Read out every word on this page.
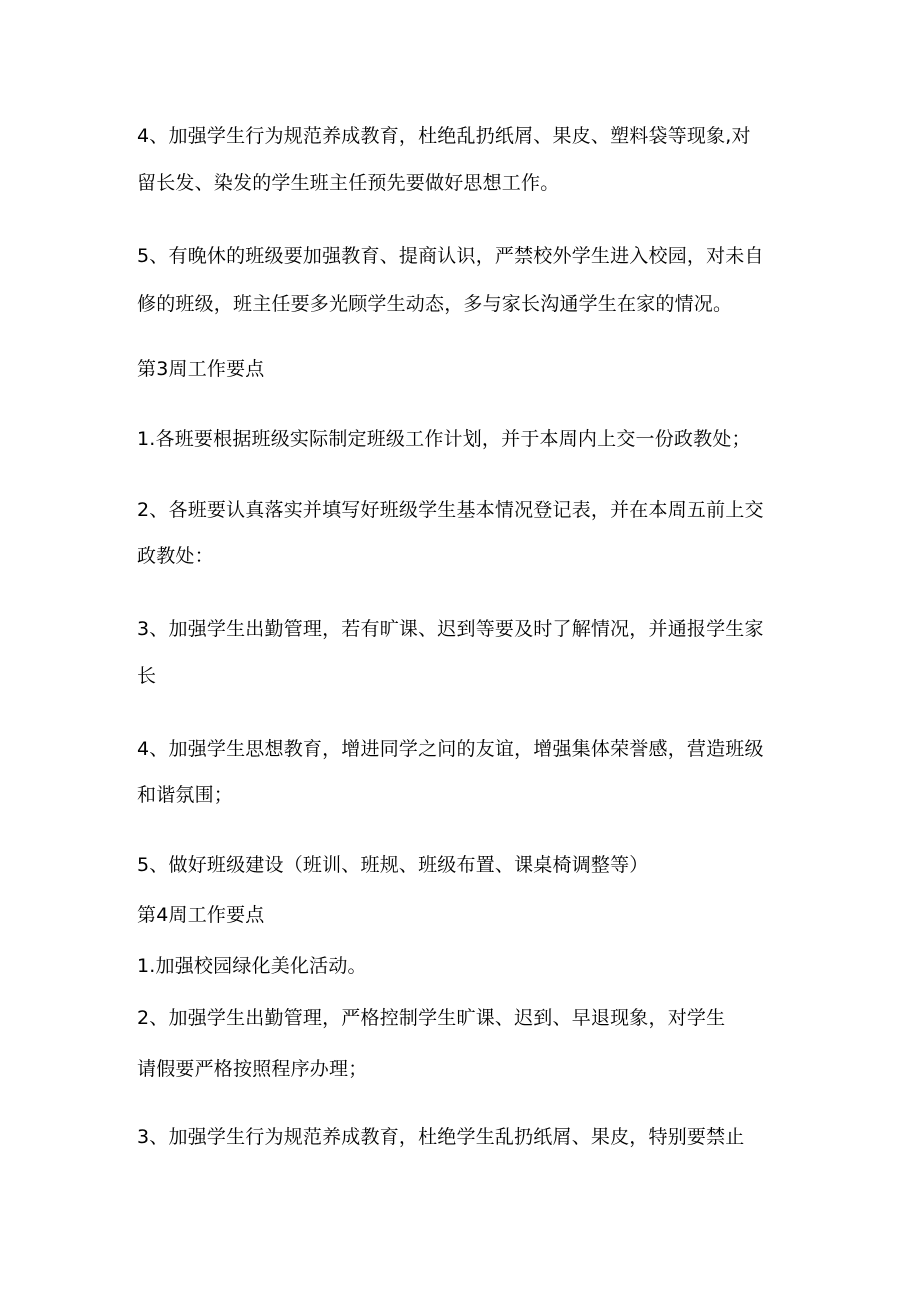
4、加强学生行为规范养成教育，杜绝乱扔纸屑、果皮、塑料袋等现象,对
留长发、染发的学生班主任预先要做好思想工作。
5、有晚休的班级要加强教育、提商认识，严禁校外学生进入校园，对未自
修的班级，班主任要多光顾学生动态，多与家长沟通学生在家的情况。
第3周工作要点
1.各班要根据班级实际制定班级工作计划，并于本周内上交一份政教处；
2、各班要认真落实并填写好班级学生基本情况登记表，并在本周五前上交
政教处：
3、加强学生出勤管理，若有旷课、迟到等要及时了解情况，并通报学生家
长
4、加强学生思想教育，增进同学之问的友谊，增强集体荣誉感，营造班级
和谐氛围；
5、做好班级建设（班训、班规、班级布置、课桌椅调整等）
第4周工作要点
1.加强校园绿化美化活动。
2、加强学生出勤管理，严格控制学生旷课、迟到、早退现象，对学生
请假要严格按照程序办理；
3、加强学生行为规范养成教育，杜绝学生乱扔纸屑、果皮，特别要禁止
